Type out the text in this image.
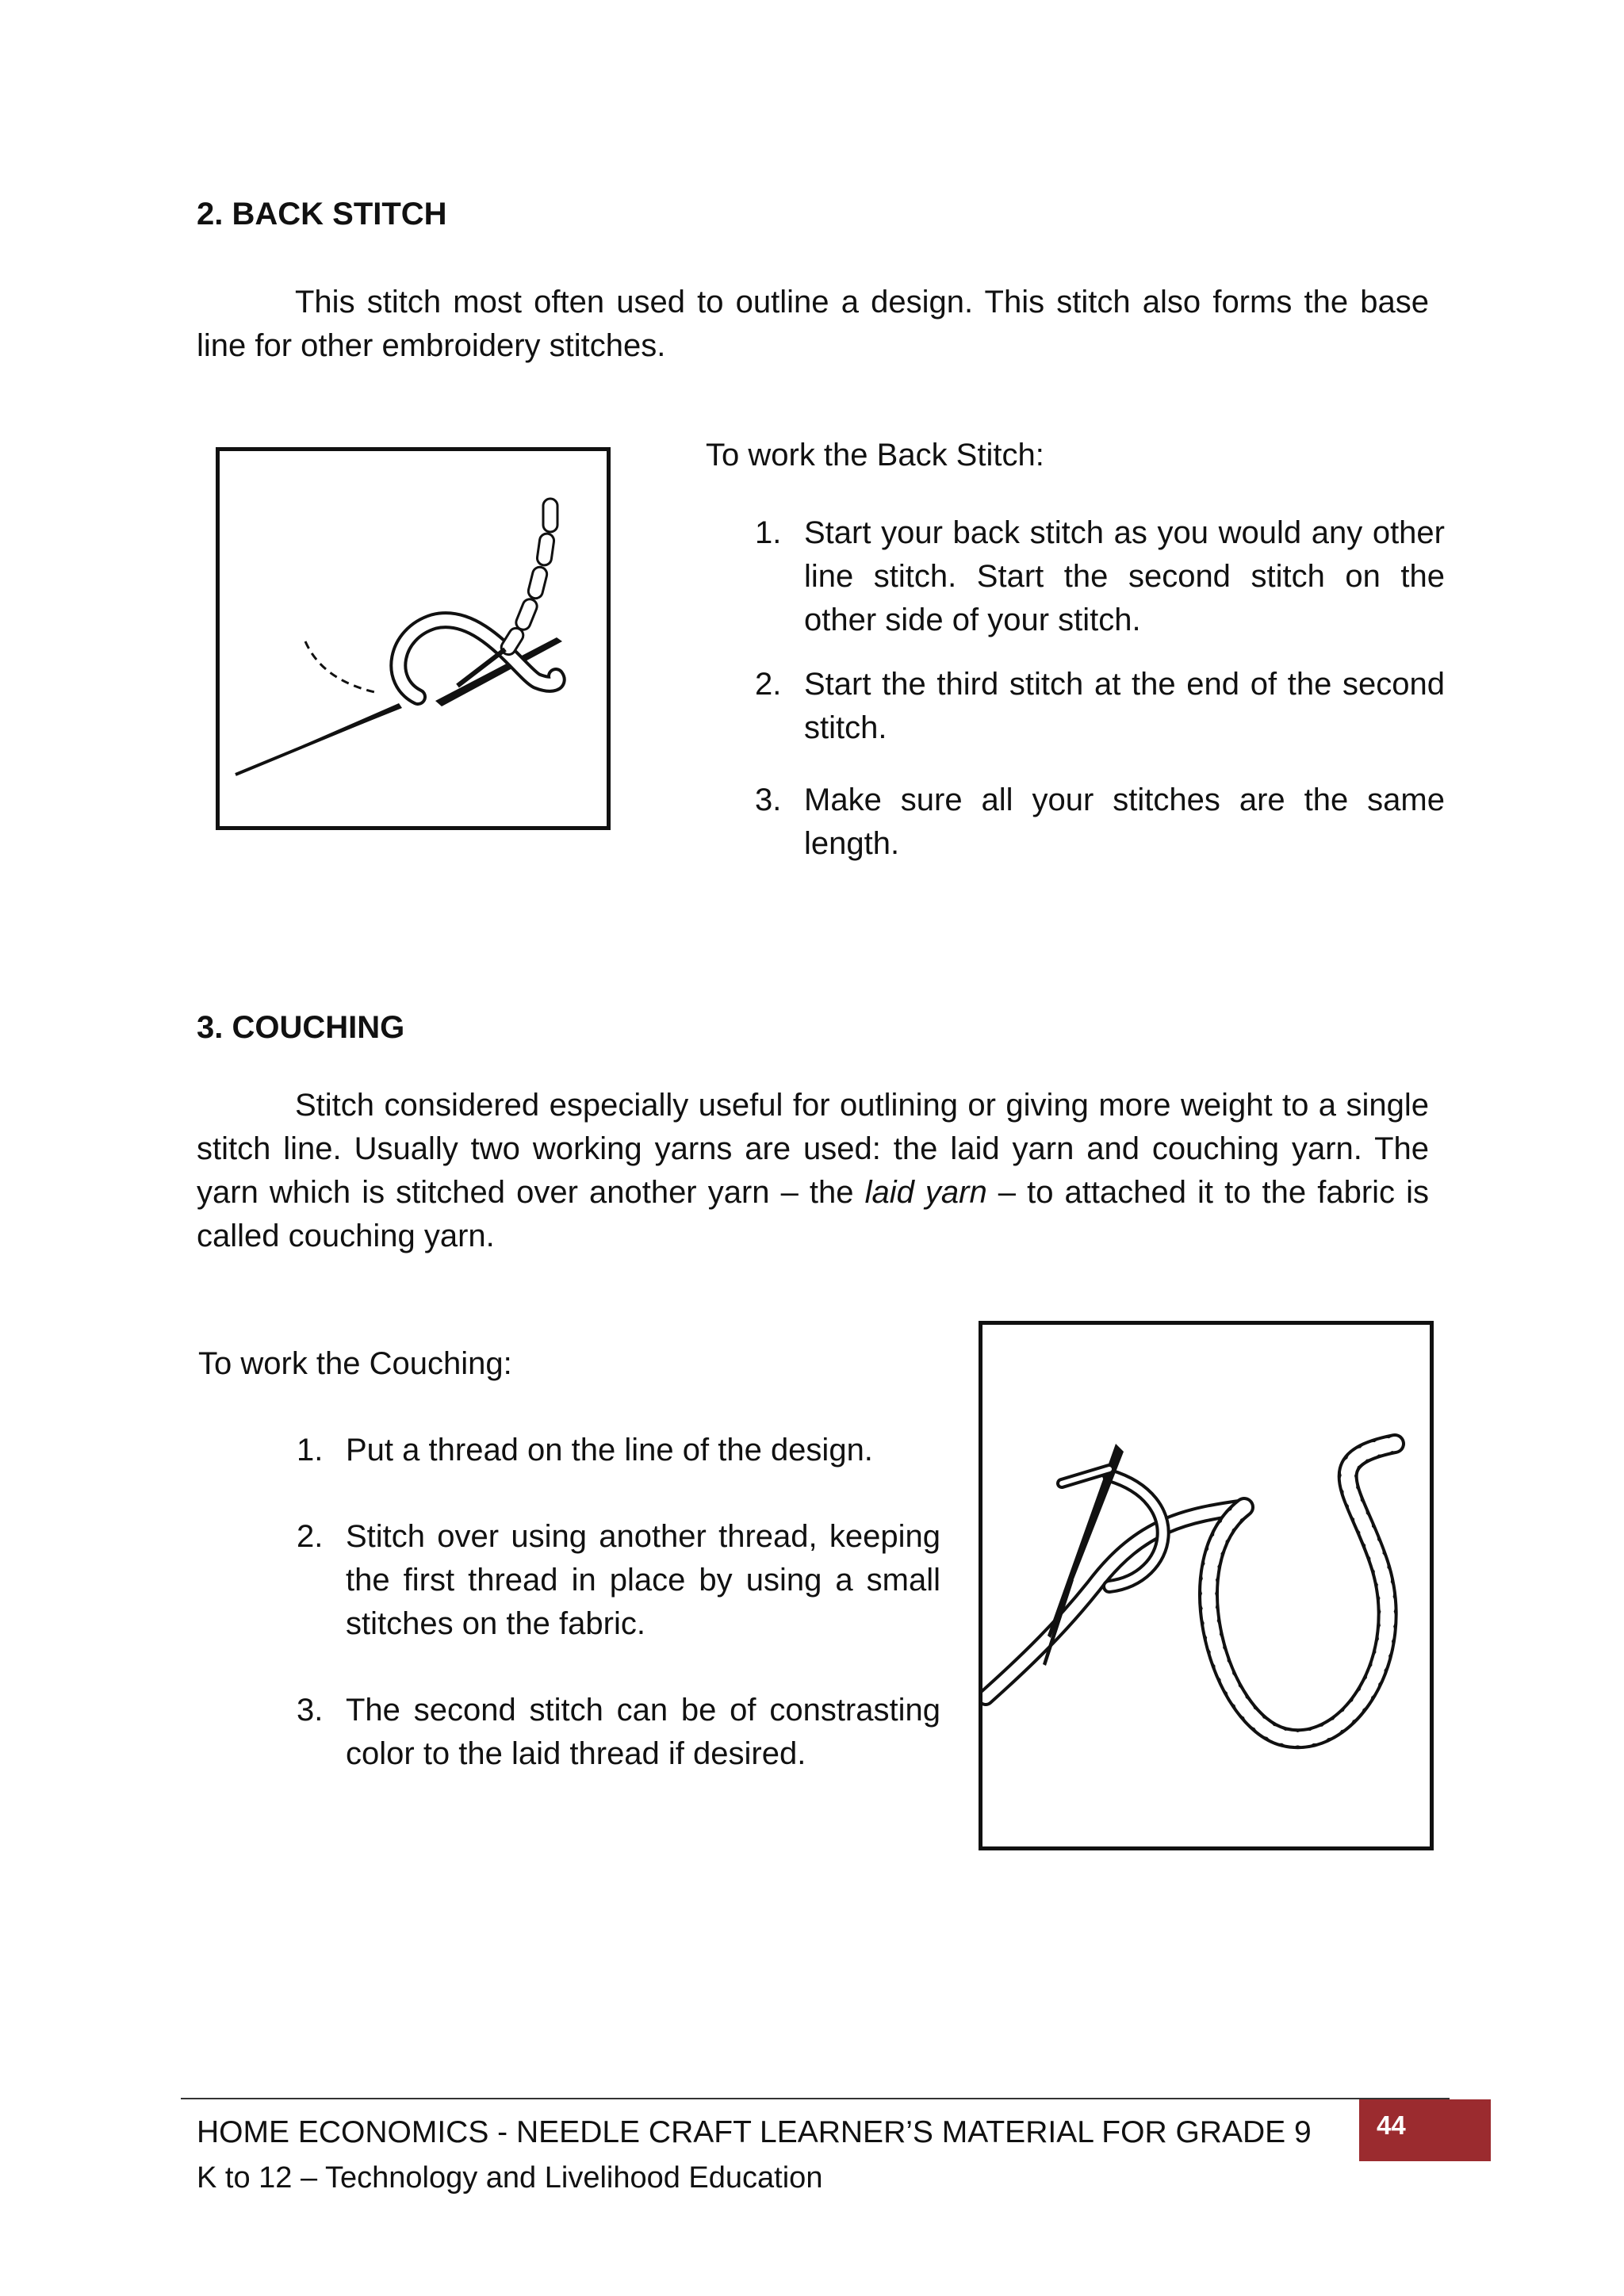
2. BACK STITCH
This stitch most often used to outline a design. This stitch also forms the base line for other embroidery stitches.
To work the Back Stitch:
1. Start your back stitch as you would any other line stitch. Start the second stitch on the other side of your stitch.
2. Start the third stitch at the end of the second stitch.
3. Make sure all your stitches are the same length.
3. COUCHING
Stitch considered especially useful for outlining or giving more weight to a single stitch line. Usually two working yarns are used: the laid yarn and couching yarn. The yarn which is stitched over another yarn – the laid yarn – to attached it to the fabric is called couching yarn.
To work the Couching:
1. Put a thread on the line of the design.
2. Stitch over using another thread, keeping the first thread in place by using a small stitches on the fabric.
3. The second stitch can be of constrasting color to the laid thread if desired.
HOME ECONOMICS - NEEDLE CRAFT LEARNER’S MATERIAL FOR GRADE 9
K to 12 – Technology and Livelihood Education
44
